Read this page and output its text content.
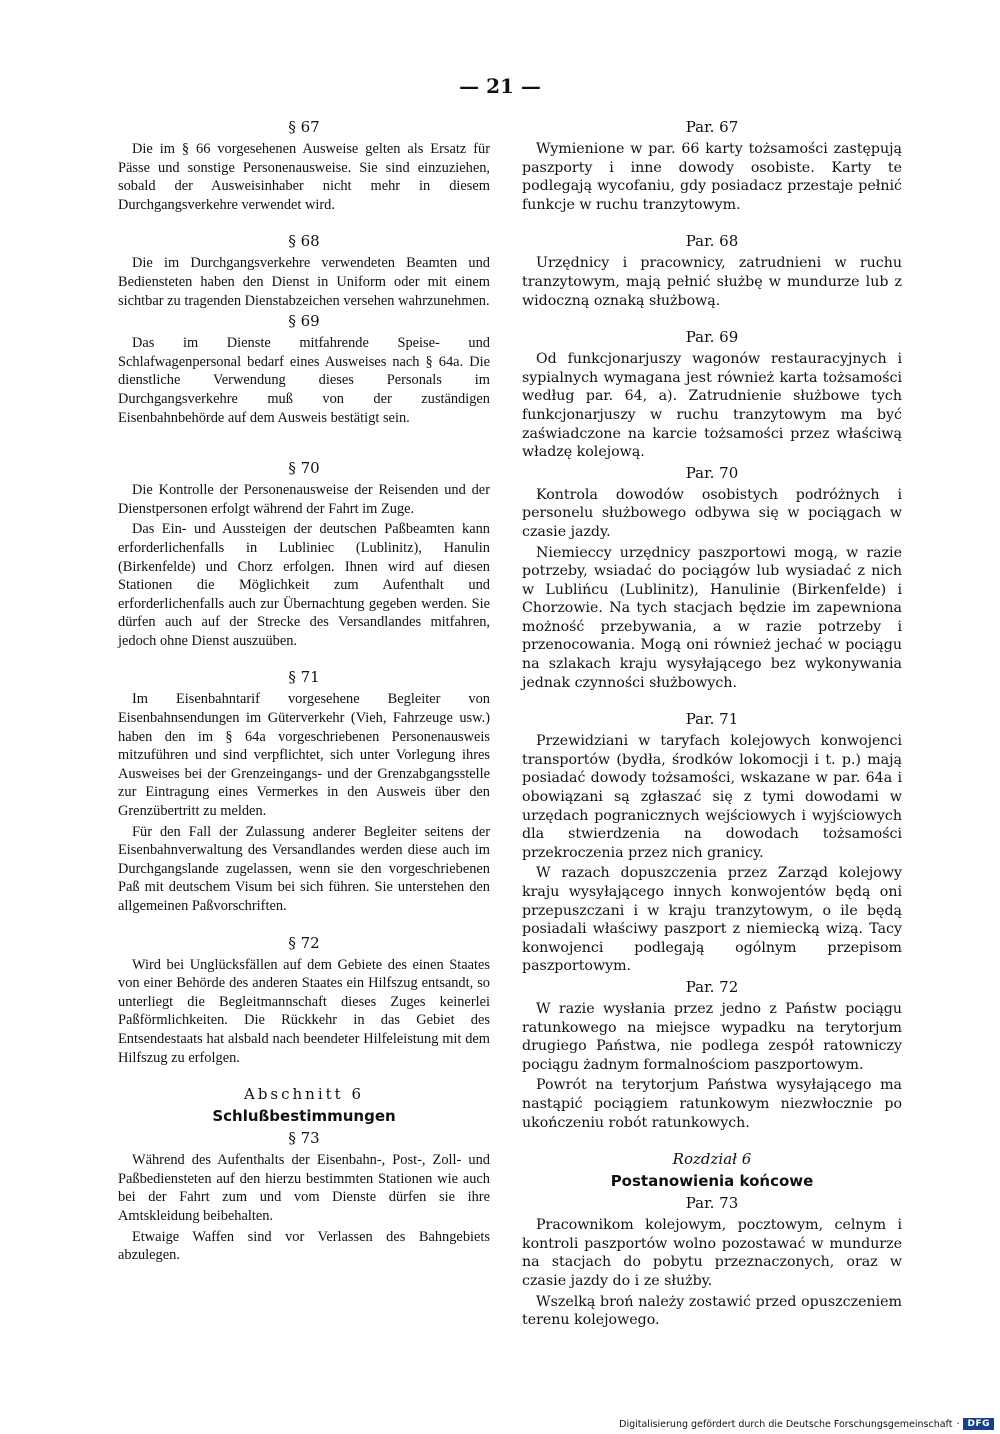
— 21 —
§ 67

Die im § 66 vorgesehenen Ausweise gelten als Ersatz für Pässe und sonstige Personenausweise. Sie sind einzuziehen, sobald der Ausweisinhaber nicht mehr in diesem Durchgangsverkehre verwendet wird.

§ 68

Die im Durchgangsverkehre verwendeten Beamten und Bediensteten haben den Dienst in Uniform oder mit einem sichtbar zu tragenden Dienstabzeichen versehen wahrzunehmen.

§ 69

Das im Dienste mitfahrende Speise- und Schlafwagenpersonal bedarf eines Ausweises nach § 64a. Die dienstliche Verwendung dieses Personals im Durchgangsverkehre muß von der zuständigen Eisenbahnbehörde auf dem Ausweis bestätigt sein.

§ 70

Die Kontrolle der Personenausweise der Reisenden und der Dienstpersonen erfolgt während der Fahrt im Zuge.

Das Ein- und Aussteigen der deutschen Paßbeamten kann erforderlichenfalls in Lubliniec (Lublinitz), Hanulin (Birkenfelde) und Chorz erfolgen. Ihnen wird auf diesen Stationen die Möglichkeit zum Aufenthalt und erforderlichenfalls auch zur Übernachtung gegeben werden. Sie dürfen auch auf der Strecke des Versandlandes mitfahren, jedoch ohne Dienst auszuüben.

§ 71

Im Eisenbahntarif vorgesehene Begleiter von Eisenbahnsendungen im Güterverkehr (Vieh, Fahrzeuge usw.) haben den im § 64a vorgeschriebenen Personenausweis mitzuführen und sind verpflichtet, sich unter Vorlegung ihres Ausweises bei der Grenzeingangs- und der Grenzabgangsstelle zur Eintragung eines Vermerkes in den Ausweis über den Grenzübertritt zu melden.

Für den Fall der Zulassung anderer Begleiter seitens der Eisenbahnverwaltung des Versandlandes werden diese auch im Durchgangslande zugelassen, wenn sie den vorgeschriebenen Paß mit deutschem Visum bei sich führen. Sie unterstehen den allgemeinen Paßvorschriften.

§ 72

Wird bei Unglücksfällen auf dem Gebiete des einen Staates von einer Behörde des anderen Staates ein Hilfszug entsandt, so unterliegt die Begleitmannschaft dieses Zuges keinerlei Paßförmlichkeiten. Die Rückkehr in das Gebiet des Entsendestaats hat alsbald nach beendeter Hilfeleistung mit dem Hilfszug zu erfolgen.

Abschnitt 6
Schlußbestimmungen
§ 73

Während des Aufenthalts der Eisenbahn-, Post-, Zoll- und Paßbediensteten auf den hierzu bestimmten Stationen wie auch bei der Fahrt zum und vom Dienste dürfen sie ihre Amtskleidung beibehalten.

Etwaige Waffen sind vor Verlassen des Bahngebiets abzulegen.

Par. 67

Wymienione w par. 66 karty tożsamości zastępują paszporty i inne dowody osobiste. Karty te podlegają wycofaniu, gdy posiadacz przestaje pełnić funkcje w ruchu tranzytowym.

Par. 68

Urzędnicy i pracownicy, zatrudnieni w ruchu tranzytowym, mają pełnić służbę w mundurze lub z widoczną oznaką służbową.

Par. 69

Od funkcjonarjuszy wagonów restauracyjnych i sypialnych wymagana jest również karta tożsamości według par. 64, a). Zatrudnienie służbowe tych funkcjonarjuszy w ruchu tranzytowym ma być zaświadczone na karcie tożsamości przez właściwą władzę kolejową.

Par. 70

Kontrola dowodów osobistych podróżnych i personelu służbowego odbywa się w pociągach w czasie jazdy.

Niemieccy urzędnicy paszportowi mogą, w razie potrzeby, wsiadać do pociągów lub wysiadać z nich w Lublińcu (Lublinitz), Hanulinie (Birkenfelde) i Chorzowie. Na tych stacjach będzie im zapewniona możność przebywania, a w razie potrzeby i przenocowania. Mogą oni również jechać w pociągu na szlakach kraju wysyłającego bez wykonywania jednak czynności służbowych.

Par. 71

Przewidziani w taryfach kolejowych konwojenci transportów (bydła, środków lokomocji i t. p.) mają posiadać dowody tożsamości, wskazane w par. 64a i obowiązani są zgłaszać się z tymi dowodami w urzędach pogranicznych wejściowych i wyjściowych dla stwierdzenia na dowodach tożsamości przekroczenia przez nich granicy.

W razach dopuszczenia przez Zarząd kolejowy kraju wysyłającego innych konwojentów będą oni przepuszczani i w kraju tranzytowym, o ile będą posiadali właściwy paszport z niemiecką wizą. Tacy konwojenci podlegają ogólnym przepisom paszportowym.

Par. 72

W razie wysłania przez jedno z Państw pociągu ratunkowego na miejsce wypadku na terytorjum drugiego Państwa, nie podlega zespół ratowniczy pociągu żadnym formalnościom paszportowym.

Powrót na terytorjum Państwa wysyłającego ma nastąpić pociągiem ratunkowym niezwłocznie po ukończeniu robót ratunkowych.

Rozdział 6
Postanowienia końcowe
Par. 73

Pracownikom kolejowym, pocztowym, celnym i kontroli paszportów wolno pozostawać w mundurze na stacjach do pobytu przeznaczonych, oraz w czasie jazdy do i ze służby.

Wszelką broń należy zostawić przed opuszczeniem terenu kolejowego.

Digitalisierung gefördert durch die Deutsche Forschungsgemeinschaft · DFG
